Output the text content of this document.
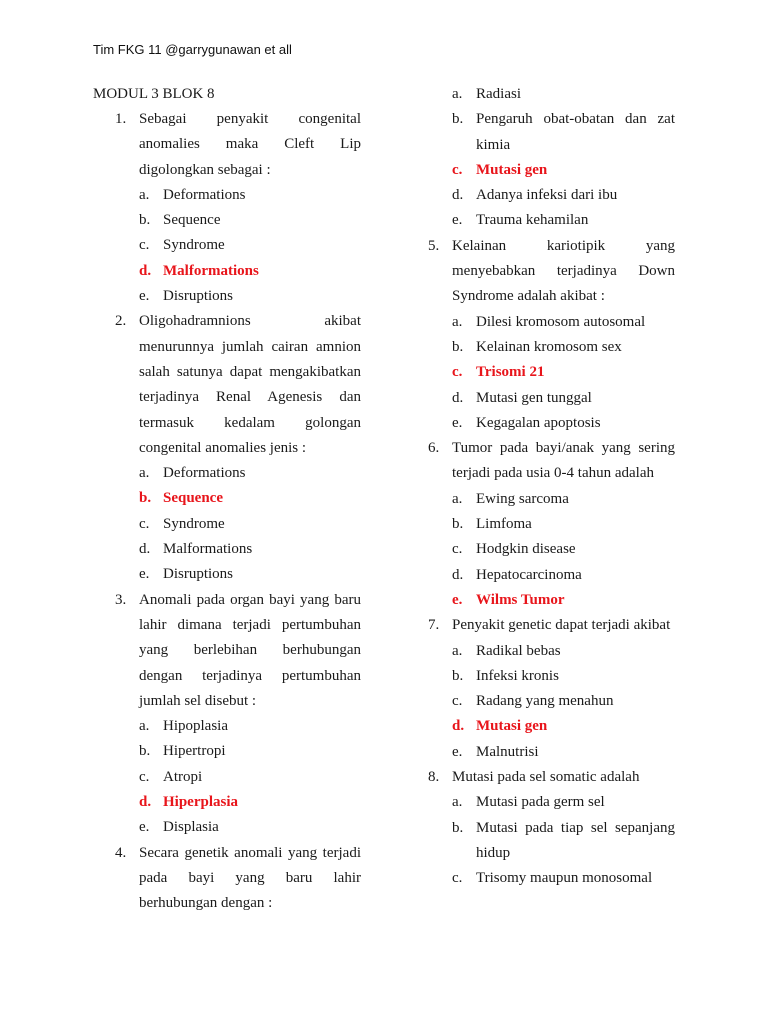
Tim FKG 11 @garrygunawan et all
MODUL 3 BLOK 8
1. Sebagai penyakit congenital anomalies maka Cleft Lip digolongkan sebagai :
a. Deformations
b. Sequence
c. Syndrome
d. Malformations
e. Disruptions
2. Oligohadramnions akibat menurunnya jumlah cairan amnion salah satunya dapat mengakibatkan terjadinya Renal Agenesis dan termasuk kedalam golongan congenital anomalies jenis :
a. Deformations
b. Sequence
c. Syndrome
d. Malformations
e. Disruptions
3. Anomali pada organ bayi yang baru lahir dimana terjadi pertumbuhan yang berlebihan berhubungan dengan terjadinya pertumbuhan jumlah sel disebut :
a. Hipoplasia
b. Hipertropi
c. Atropi
d. Hiperplasia
e. Displasia
4. Secara genetik anomali yang terjadi pada bayi yang baru lahir berhubungan dengan :
a. Radiasi
b. Pengaruh obat-obatan dan zat kimia
c. Mutasi gen
d. Adanya infeksi dari ibu
e. Trauma kehamilan
5. Kelainan kariotipik yang menyebabkan terjadinya Down Syndrome adalah akibat :
a. Dilesi kromosom autosomal
b. Kelainan kromosom sex
c. Trisomi 21
d. Mutasi gen tunggal
e. Kegagalan apoptosis
6. Tumor pada bayi/anak yang sering terjadi pada usia 0-4 tahun adalah
a. Ewing sarcoma
b. Limfoma
c. Hodgkin disease
d. Hepatocarcinoma
e. Wilms Tumor
7. Penyakit genetic dapat terjadi akibat
a. Radikal bebas
b. Infeksi kronis
c. Radang yang menahun
d. Mutasi gen
e. Malnutrisi
8. Mutasi pada sel somatic adalah
a. Mutasi pada germ sel
b. Mutasi pada tiap sel sepanjang hidup
c. Trisomy maupun monosomal
